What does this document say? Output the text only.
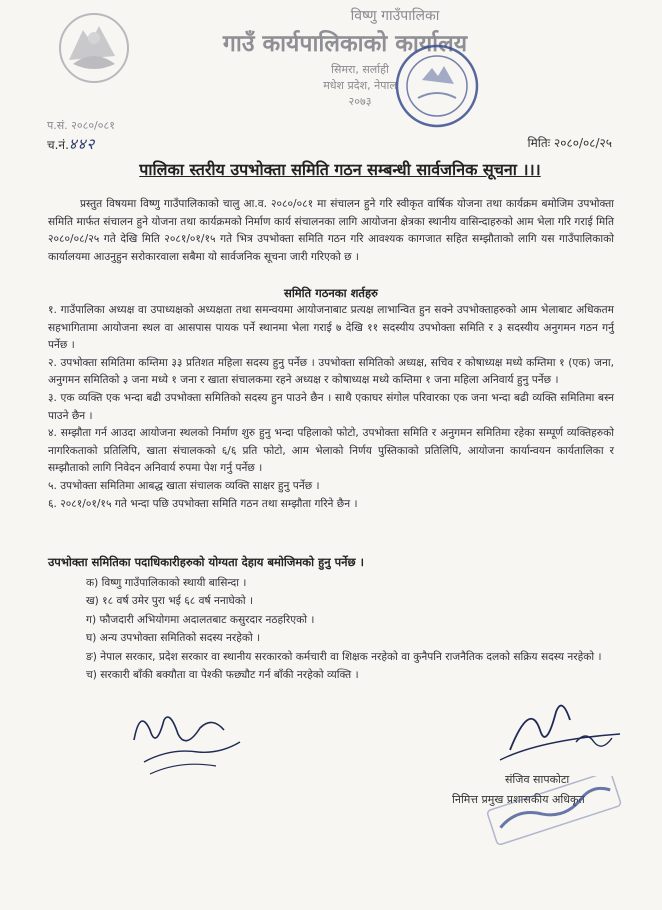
विष्णु गाउँपालिका
गाउँ कार्यपालिकाको कार्यालय
सिमरा, सर्लाही
मधेश प्रदेश, नेपाल
२०७३
प.सं. २०८०/०८१
च.नं.४४२	मितिः २०८०/०८/२५
पालिका स्तरीय उपभोक्ता समिति गठन सम्बन्धी सार्वजनिक सूचना ।।।
प्रस्तुत विषयमा विष्णु गाउँपालिकाको चालु आ.व. २०८०/०८१ मा संचालन हुने गरि स्वीकृत वार्षिक योजना तथा कार्यक्रम बमोजिम उपभोक्ता समिति मार्फत संचालन हुने योजना तथा कार्यक्रमको निर्माण कार्य संचालनका लागि आयोजना क्षेत्रका स्थानीय वासिन्दाहरुको आम भेला गरि गराई मिति २०८०/०८/२५ गते देखि मिति २०८१/०१/१५ गते भित्र उपभोक्ता समिति गठन गरि आवश्यक कागजात सहित सम्झौताको लागि यस गाउँपालिकाको कार्यालयमा आउनुहुन सरोकारवाला सबैमा यो सार्वजनिक सूचना जारी गरिएको छ ।
समिति गठनका शर्तहरु

१. गाउँपालिका अध्यक्ष वा उपाध्यक्षको अध्यक्षता तथा समन्वयमा आयोजनाबाट प्रत्यक्ष लाभान्वित हुन सक्ने उपभोक्ताहरुको आम भेलाबाट अधिकतम सहभागितामा आयोजना स्थल वा आसपास पायक पर्ने स्थानमा भेला गराई ७ देखि ११ सदस्यीय उपभोक्ता समिति र ३ सदस्यीय अनुगमन गठन गर्नु पर्नेछ ।

२. उपभोक्ता समितिमा कम्तिमा ३३ प्रतिशत महिला सदस्य हुनु पर्नेछ । उपभोक्ता समितिको अध्यक्ष, सचिव र कोषाध्यक्ष मध्ये कम्तिमा १ (एक) जना, अनुगमन समितिको ३ जना मध्ये १ जना र खाता संचालकमा रहने अध्यक्ष र कोषाध्यक्ष मध्ये कम्तिमा १ जना महिला अनिवार्य हुनु पर्नेछ ।

३. एक व्यक्ति एक भन्दा बढी उपभोक्ता समितिको सदस्य हुन पाउने छैन । साथै एकाघर संगोल परिवारका एक जना भन्दा बढी व्यक्ति समितिमा बस्न पाउने छैन ।

४. सम्झौता गर्न आउदा आयोजना स्थलको निर्माण शुरु हुनु भन्दा पहिलाको फोटो, उपभोक्ता समिति र अनुगमन समितिमा रहेका सम्पूर्ण व्यक्तिहरुको नागरिकताको प्रतिलिपि, खाता संचालकको ६/६ प्रति फोटो, आम भेलाको निर्णय पुस्तिकाको प्रतिलिपि, आयोजना कार्यान्वयन कार्यतालिका र सम्झौताको लागि निवेदन अनिवार्य रुपमा पेश गर्नु पर्नेछ ।

५. उपभोक्ता समितिमा आबद्ध खाता संचालक व्यक्ति साक्षर हुनु पर्नेछ ।

६. २०८१/०१/१५ गते भन्दा पछि उपभोक्ता समिति गठन तथा सम्झौता गरिने छैन ।

उपभोक्ता समितिका पदाधिकारीहरुको योग्यता देहाय बमोजिमको हुनु पर्नेछ ।
क) विष्णु गाउँपालिकाको स्थायी बासिन्दा ।
ख) १८ वर्ष उमेर पुरा भई ६८ वर्ष ननाघेको ।
ग) फौजदारी अभियोगमा अदालतबाट कसुरदार नठहरिएको ।
घ) अन्य उपभोक्ता समितिको सदस्य नरहेको ।
ङ) नेपाल सरकार, प्रदेश सरकार वा स्थानीय सरकारको कर्मचारी वा शिक्षक नरहेको वा कुनैपनि राजनैतिक दलको सक्रिय सदस्य नरहेको ।
च) सरकारी बाँकी बक्यौता वा पेश्की फछ्यौट गर्न बाँकी नरहेको व्यक्ति ।
संजिव सापकोटा
निमित्त प्रमुख प्रशासकीय अधिकृत
